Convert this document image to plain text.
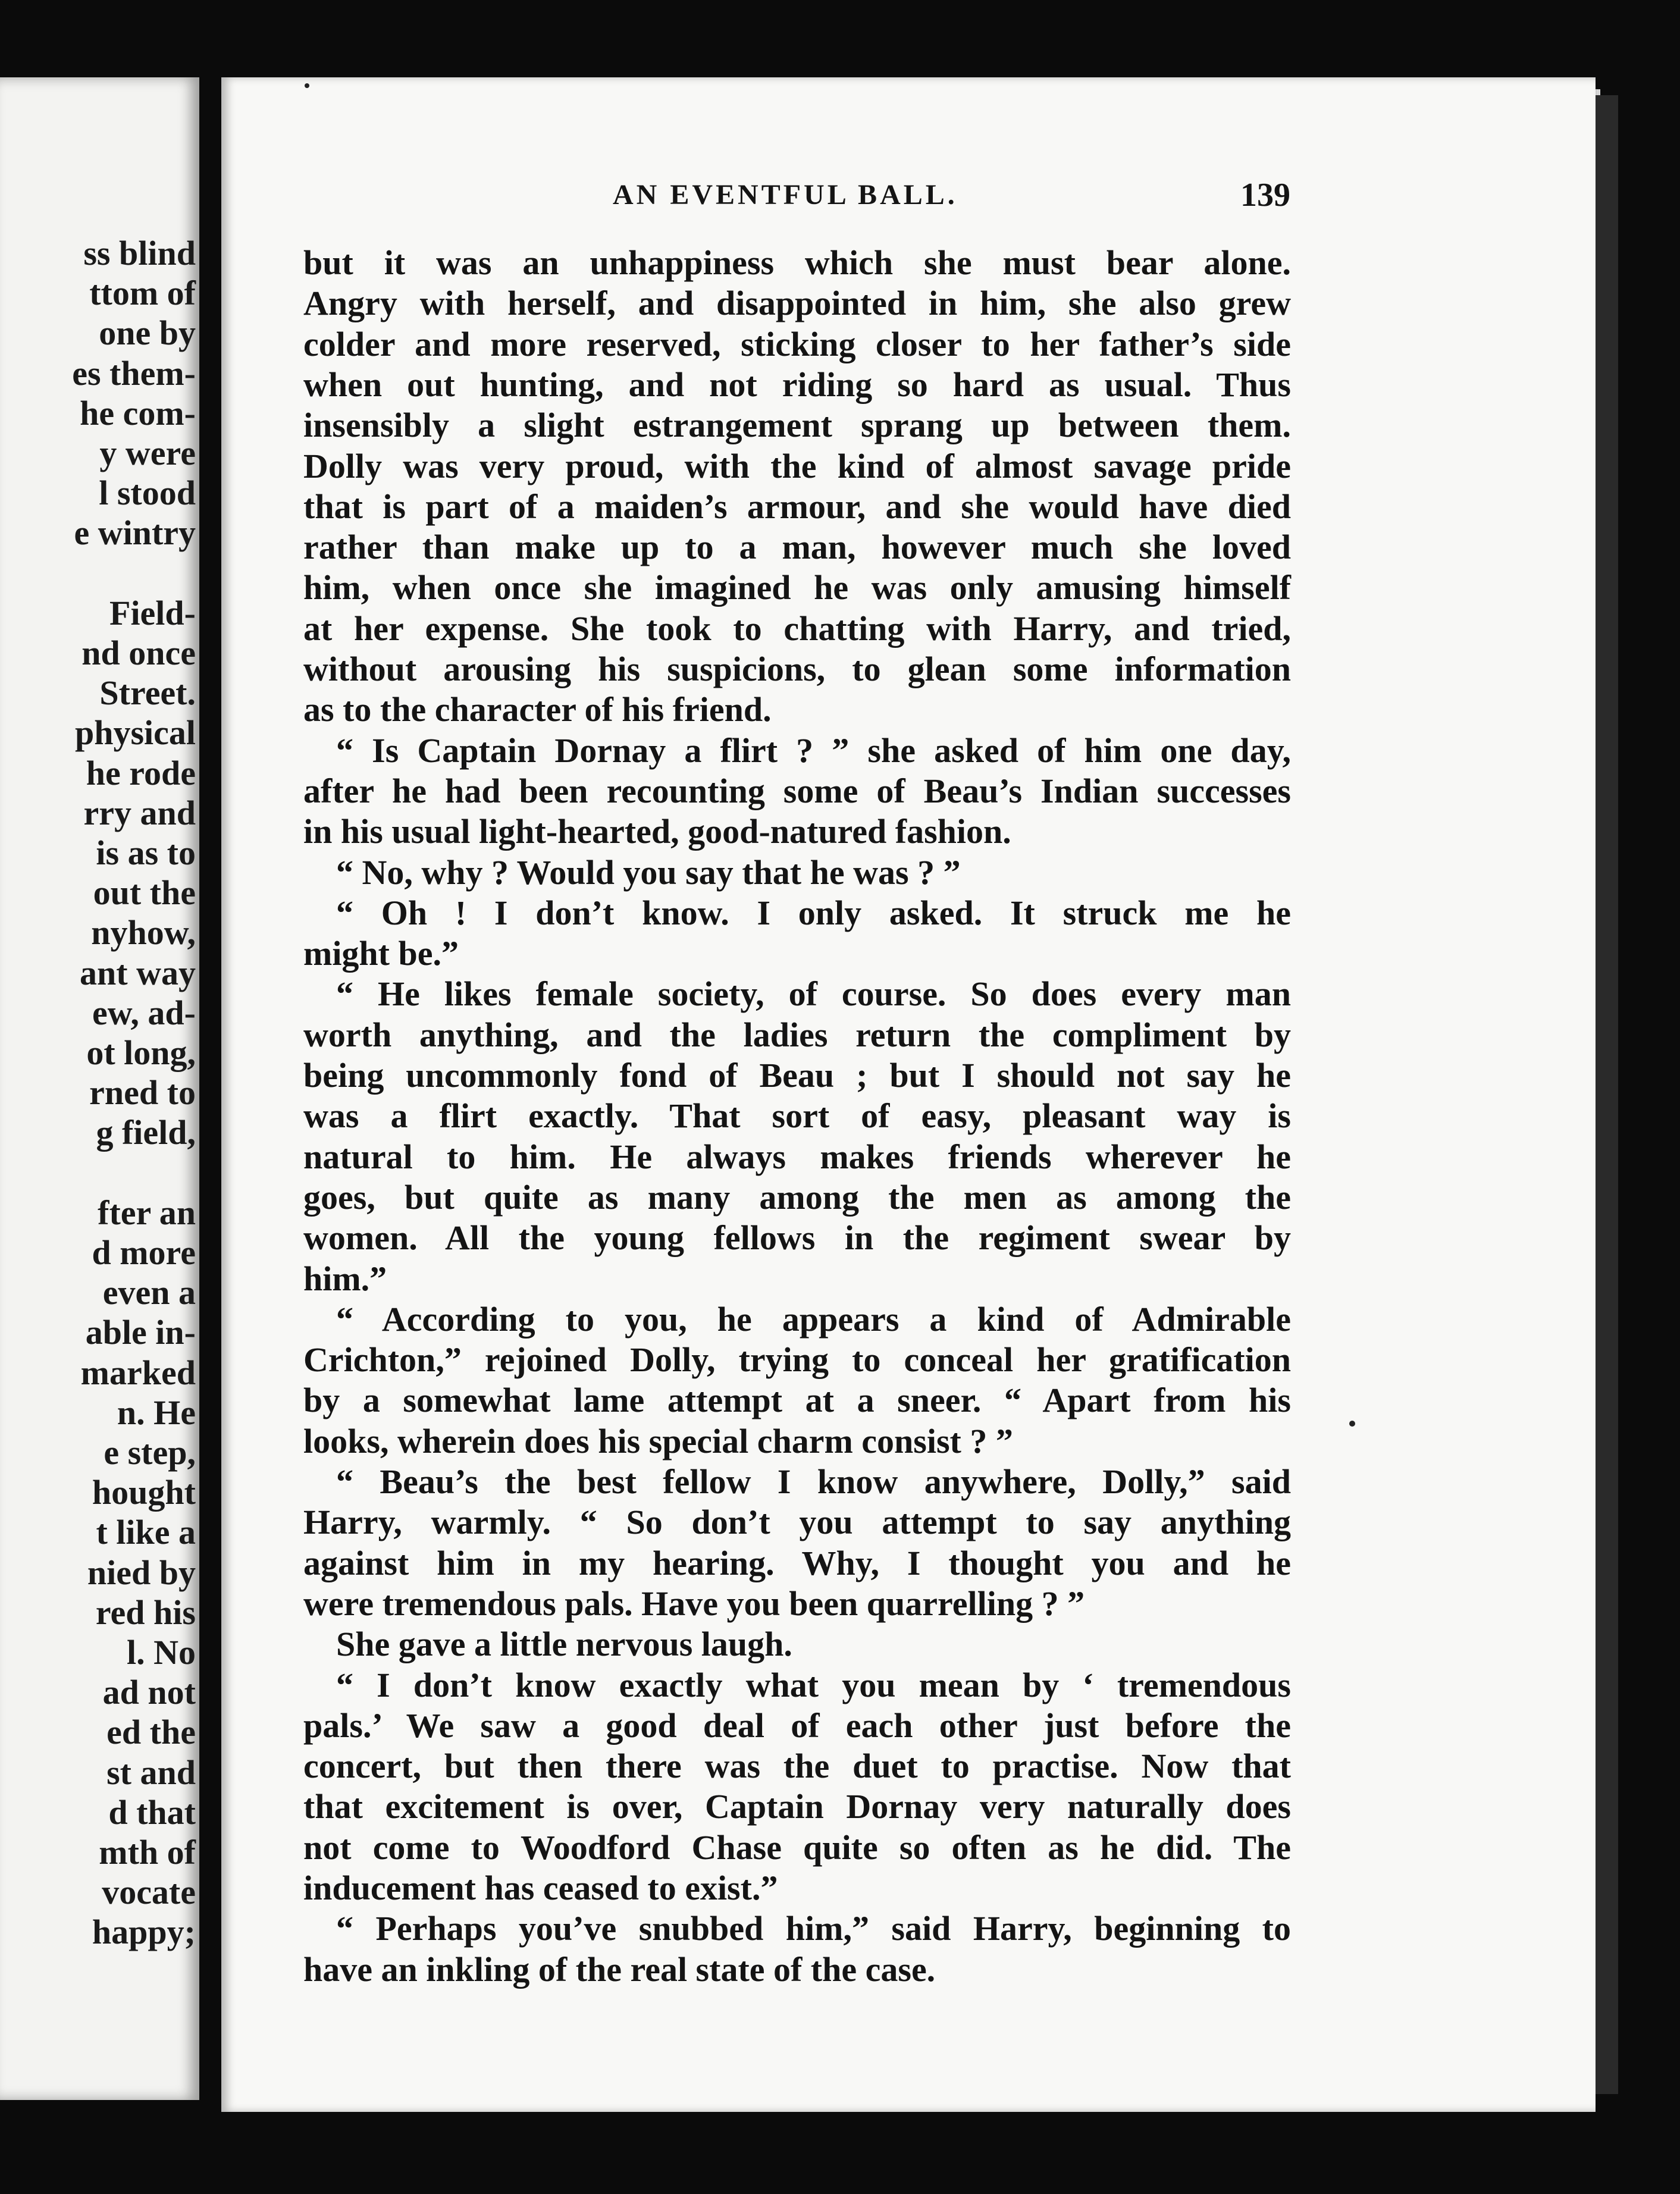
ss blind
ttom of
one by
es them-
he com-
y were
l stood
e wintry
Field-
nd once
Street.
physical
he rode
rry and
is as to
out the
nyhow,
ant way
ew, ad-
ot long,
rned to
g field,
fter an
d more
even a
able in-
marked
n. He
e step,
hought
t like a
nied by
red his
l. No
ad not
ed the
st and
d that
mth of
vocate
happy;
AN EVENTFUL BALL.	139
but it was an unhappiness which she must bear alone.
Angry with herself, and disappointed in him, she also grew
colder and more reserved, sticking closer to her father’s side
when out hunting, and not riding so hard as usual. Thus
insensibly a slight estrangement sprang up between them.
Dolly was very proud, with the kind of almost savage pride
that is part of a maiden’s armour, and she would have died
rather than make up to a man, however much she loved
him, when once she imagined he was only amusing himself
at her expense. She took to chatting with Harry, and tried,
without arousing his suspicions, to glean some information
as to the character of his friend.
“ Is Captain Dornay a flirt ? ” she asked of him one day,
after he had been recounting some of Beau’s Indian successes
in his usual light-hearted, good-natured fashion.
“ No, why ? Would you say that he was ? ”
“ Oh ! I don’t know. I only asked. It struck me he
might be.”
“ He likes female society, of course. So does every man
worth anything, and the ladies return the compliment by
being uncommonly fond of Beau ; but I should not say he
was a flirt exactly. That sort of easy, pleasant way is
natural to him. He always makes friends wherever he
goes, but quite as many among the men as among the
women. All the young fellows in the regiment swear by
him.”
“ According to you, he appears a kind of Admirable
Crichton,” rejoined Dolly, trying to conceal her gratification
by a somewhat lame attempt at a sneer. “ Apart from his
looks, wherein does his special charm consist ? ”
“ Beau’s the best fellow I know anywhere, Dolly,” said
Harry, warmly. “ So don’t you attempt to say anything
against him in my hearing. Why, I thought you and he
were tremendous pals. Have you been quarrelling ? ”
She gave a little nervous laugh.
“ I don’t know exactly what you mean by ‘ tremendous
pals.’ We saw a good deal of each other just before the
concert, but then there was the duet to practise. Now that
that excitement is over, Captain Dornay very naturally does
not come to Woodford Chase quite so often as he did. The
inducement has ceased to exist.”
“ Perhaps you’ve snubbed him,” said Harry, beginning to
have an inkling of the real state of the case.
